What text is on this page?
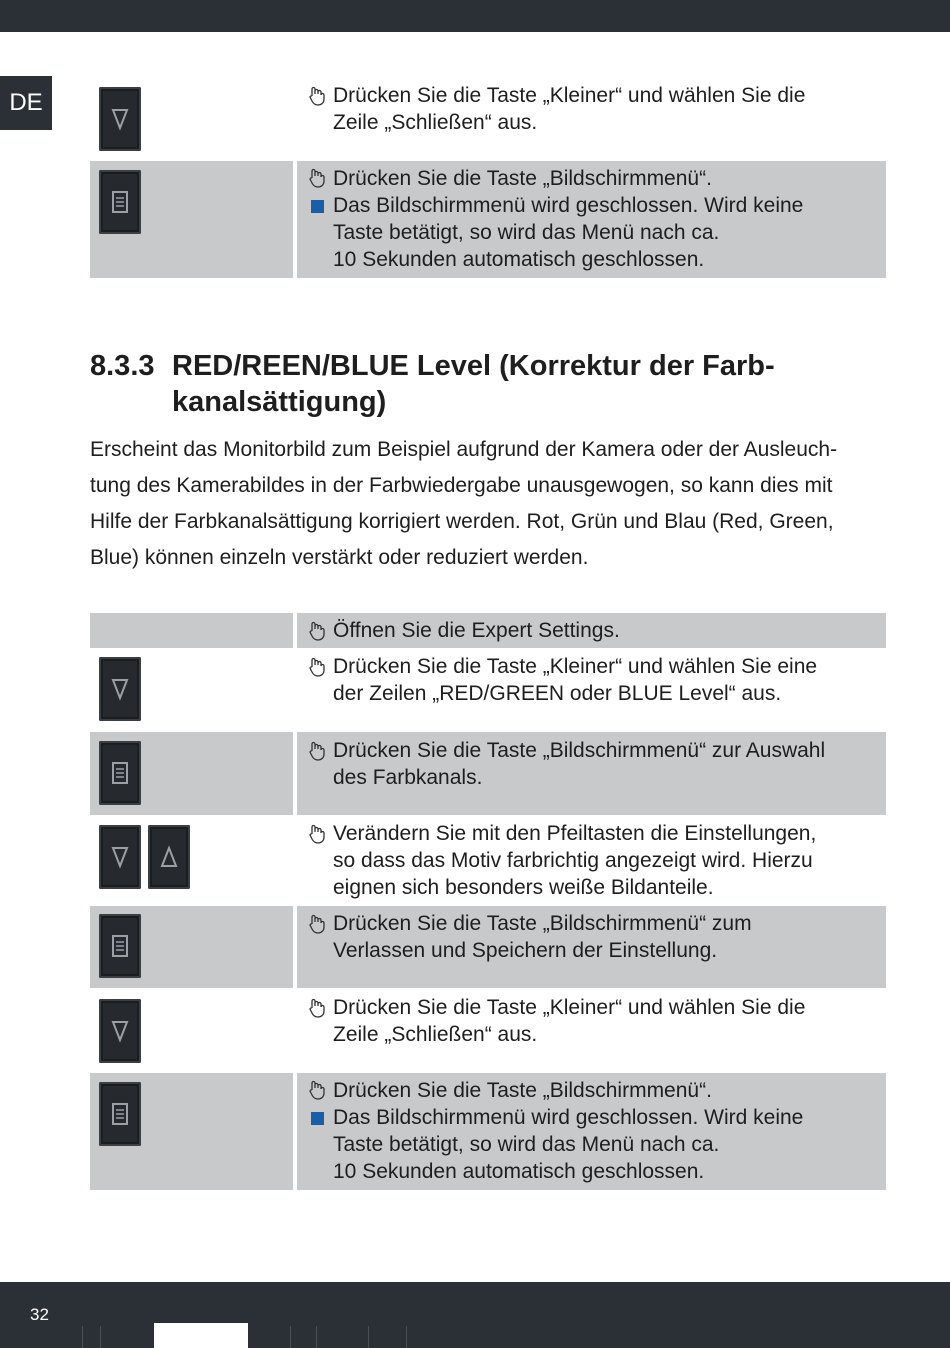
DE	Drücken Sie die Taste „Kleiner“ und wählen Sie die
Zeile „Schließen“ aus.
Drücken Sie die Taste „Bildschirmmenü“.
Das Bildschirmmenü wird geschlossen. Wird keine
Taste betätigt, so wird das Menü nach ca.
10 Sekunden automatisch geschlossen.
8.3.3 RED/REEN/BLUE Level (Korrektur der Farb-
kanalsättigung)
Erscheint das Monitorbild zum Beispiel aufgrund der Kamera oder der Ausleuch-
tung des Kamerabildes in der Farbwiedergabe unausgewogen, so kann dies mit
Hilfe der Farbkanalsättigung korrigiert werden. Rot, Grün und Blau (Red, Green,
Blue) können einzeln verstärkt oder reduziert werden.
Öffnen Sie die Expert Settings.
Drücken Sie die Taste „Kleiner“ und wählen Sie eine
der Zeilen „RED/GREEN oder BLUE Level“ aus.
Drücken Sie die Taste „Bildschirmmenü“ zur Auswahl
des Farbkanals.
Verändern Sie mit den Pfeiltasten die Einstellungen,
so dass das Motiv farbrichtig angezeigt wird. Hierzu
eignen sich besonders weiße Bildanteile.
Drücken Sie die Taste „Bildschirmmenü“ zum
Verlassen und Speichern der Einstellung.
Drücken Sie die Taste „Kleiner“ und wählen Sie die
Zeile „Schließen“ aus.
Drücken Sie die Taste „Bildschirmmenü“.
Das Bildschirmmenü wird geschlossen. Wird keine
Taste betätigt, so wird das Menü nach ca.
10 Sekunden automatisch geschlossen.
32
